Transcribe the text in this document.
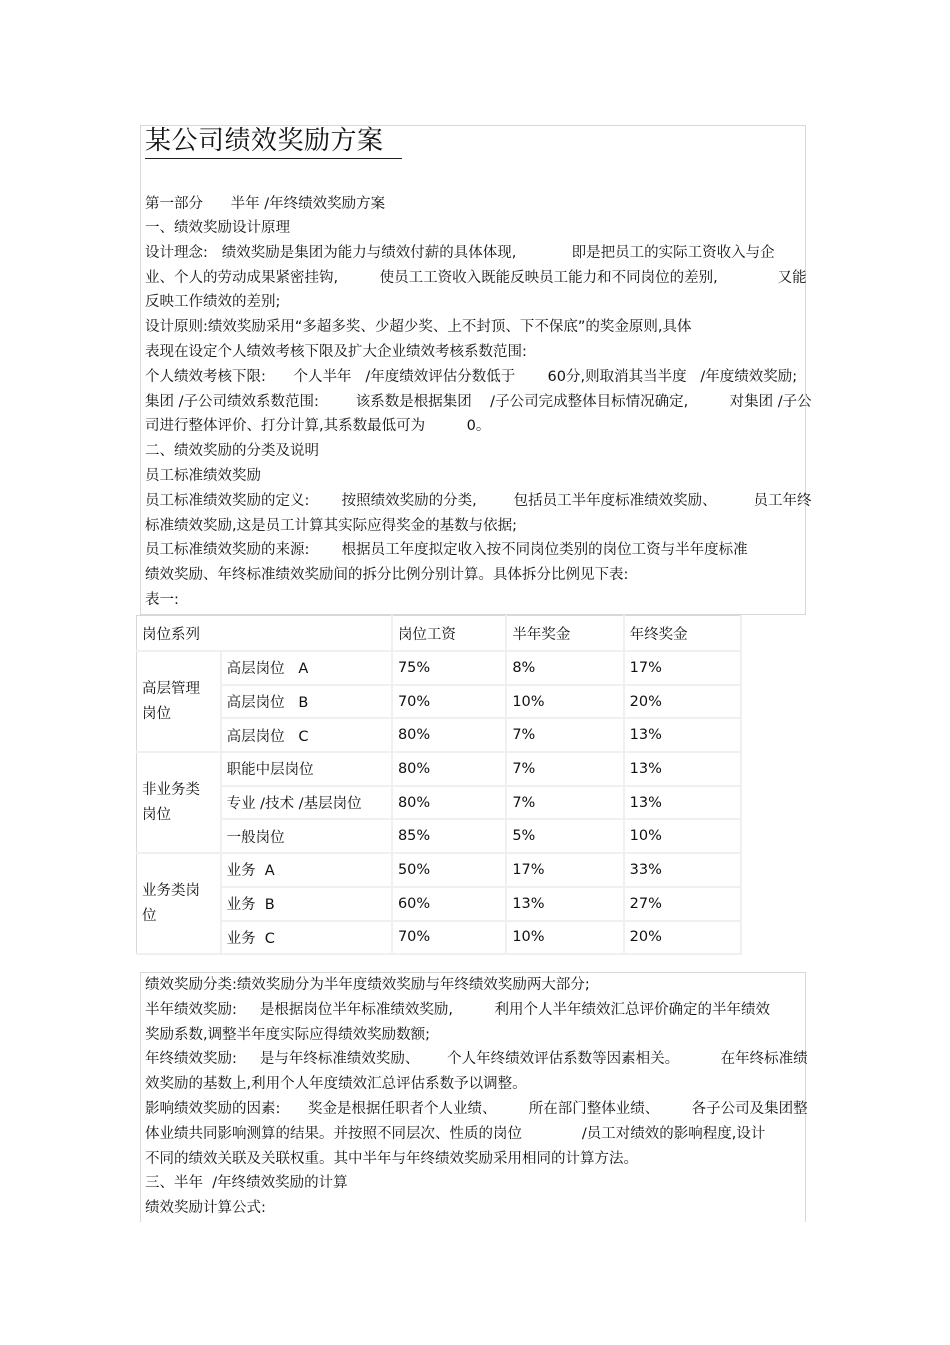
某公司绩效奖励方案
第一部分      半年 /年终绩效奖励方案
一、绩效奖励设计原理
设计理念:   绩效奖励是集团为能力与绩效付薪的具体体现,            即是把员工的实际工资收入与企
业、个人的劳动成果紧密挂钩,         使员工工资收入既能反映员工能力和不同岗位的差别,             又能
反映工作绩效的差别;
设计原则:绩效奖励采用“多超多奖、少超少奖、上不封顶、下不保底”的奖金原则,具体
表现在设定个人绩效考核下限及扩大企业绩效考核系数范围:
个人绩效考核下限:      个人半年   /年度绩效评估分数低于       60分,则取消其当半度   /年度绩效奖励;
集团 /子公司绩效系数范围:        该系数是根据集团    /子公司完成整体目标情况确定,         对集团 /子公
司进行整体评价、打分计算,其系数最低可为         0。
二、绩效奖励的分类及说明
员工标准绩效奖励
员工标准绩效奖励的定义:       按照绩效奖励的分类,        包括员工半年度标准绩效奖励、        员工年终
标准绩效奖励,这是员工计算其实际应得奖金的基数与依据;
员工标准绩效奖励的来源:       根据员工年度拟定收入按不同岗位类别的岗位工资与半年度标准
绩效奖励、年终标准绩效奖励间的拆分比例分别计算。具体拆分比例见下表:
表一:
岗位系列		岗位工资	半年奖金	年终奖金
高层管理
岗位	高层岗位   A	75%	8%	17%
	高层岗位   B	70%	10%	20%
	高层岗位   C	80%	7%	13%
非业务类
岗位	职能中层岗位	80%	7%	13%
	专业 /技术 /基层岗位	80%	7%	13%
	一般岗位	85%	5%	10%
业务类岗
位	业务  A	50%	17%	33%
	业务  B	60%	13%	27%
	业务  C	70%	10%	20%
绩效奖励分类:绩效奖励分为半年度绩效奖励与年终绩效奖励两大部分;
半年绩效奖励:     是根据岗位半年标准绩效奖励,         利用个人半年绩效汇总评价确定的半年绩效
奖励系数,调整半年度实际应得绩效奖励数额;
年终绩效奖励:     是与年终标准绩效奖励、      个人年终绩效评估系数等因素相关。         在年终标准绩
效奖励的基数上,利用个人年度绩效汇总评估系数予以调整。
影响绩效奖励的因素:      奖金是根据任职者个人业绩、       所在部门整体业绩、       各子公司及集团整
体业绩共同影响测算的结果。并按照不同层次、性质的岗位             /员工对绩效的影响程度,设计
不同的绩效关联及关联权重。其中半年与年终绩效奖励采用相同的计算方法。
三、半年  /年终绩效奖励的计算
绩效奖励计算公式:
